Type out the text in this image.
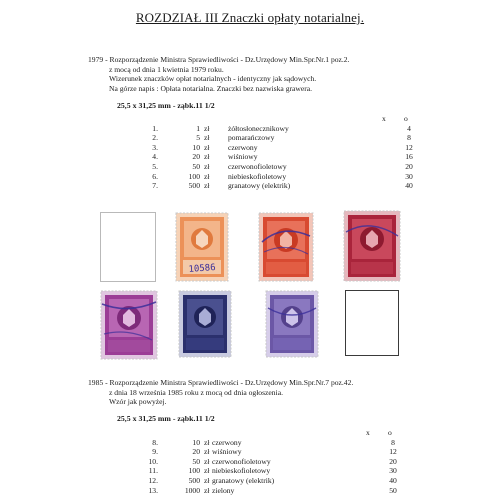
ROZDZIAŁ III Znaczki opłaty notarialnej.
1979 - Rozporządzenie Ministra Sprawiedliwości - Dz.Urzędowy Min.Spr.Nr.1 poz.2.
z mocą od dnia 1 kwietnia 1979 roku.
Wizerunek znaczków opłat notarialnych - identyczny jak sądowych.
Na górze napis : Opłata notarialna. Znaczki bez nazwiska grawera.
25,5 x 31,25 mm - ząbk.11 1/2
x o
1.	1 zł żółtosłonecznikowy	4
2.	5 zł pomarańczowy	8
3.	10 zł czerwony	12
4.	20 zł wiśniowy	16
5.	50 zł czerwonofioletowy	20
6.	100 zł niebieskofioletowy	30
7.	500 zł granatowy (elektrik)	40
10586
1985 - Rozporządzenie Ministra Sprawiedliwości - Dz.Urzędowy Min.Spr.Nr.7 poz.42.
z dnia 18 września 1985 roku z mocą od dnia ogłoszenia.
Wzór jak powyżej.
25,5 x 31,25 mm - ząbk.11 1/2
x o
8.	10 zł czerwony	8
9.	20 zł wiśniowy	12
10.	50 zł czerwonofioletowy	20
11.	100 zł niebieskofioletowy	30
12.	500 zł granatowy (elektrik)	40
13.	1000 zł zielony	50
